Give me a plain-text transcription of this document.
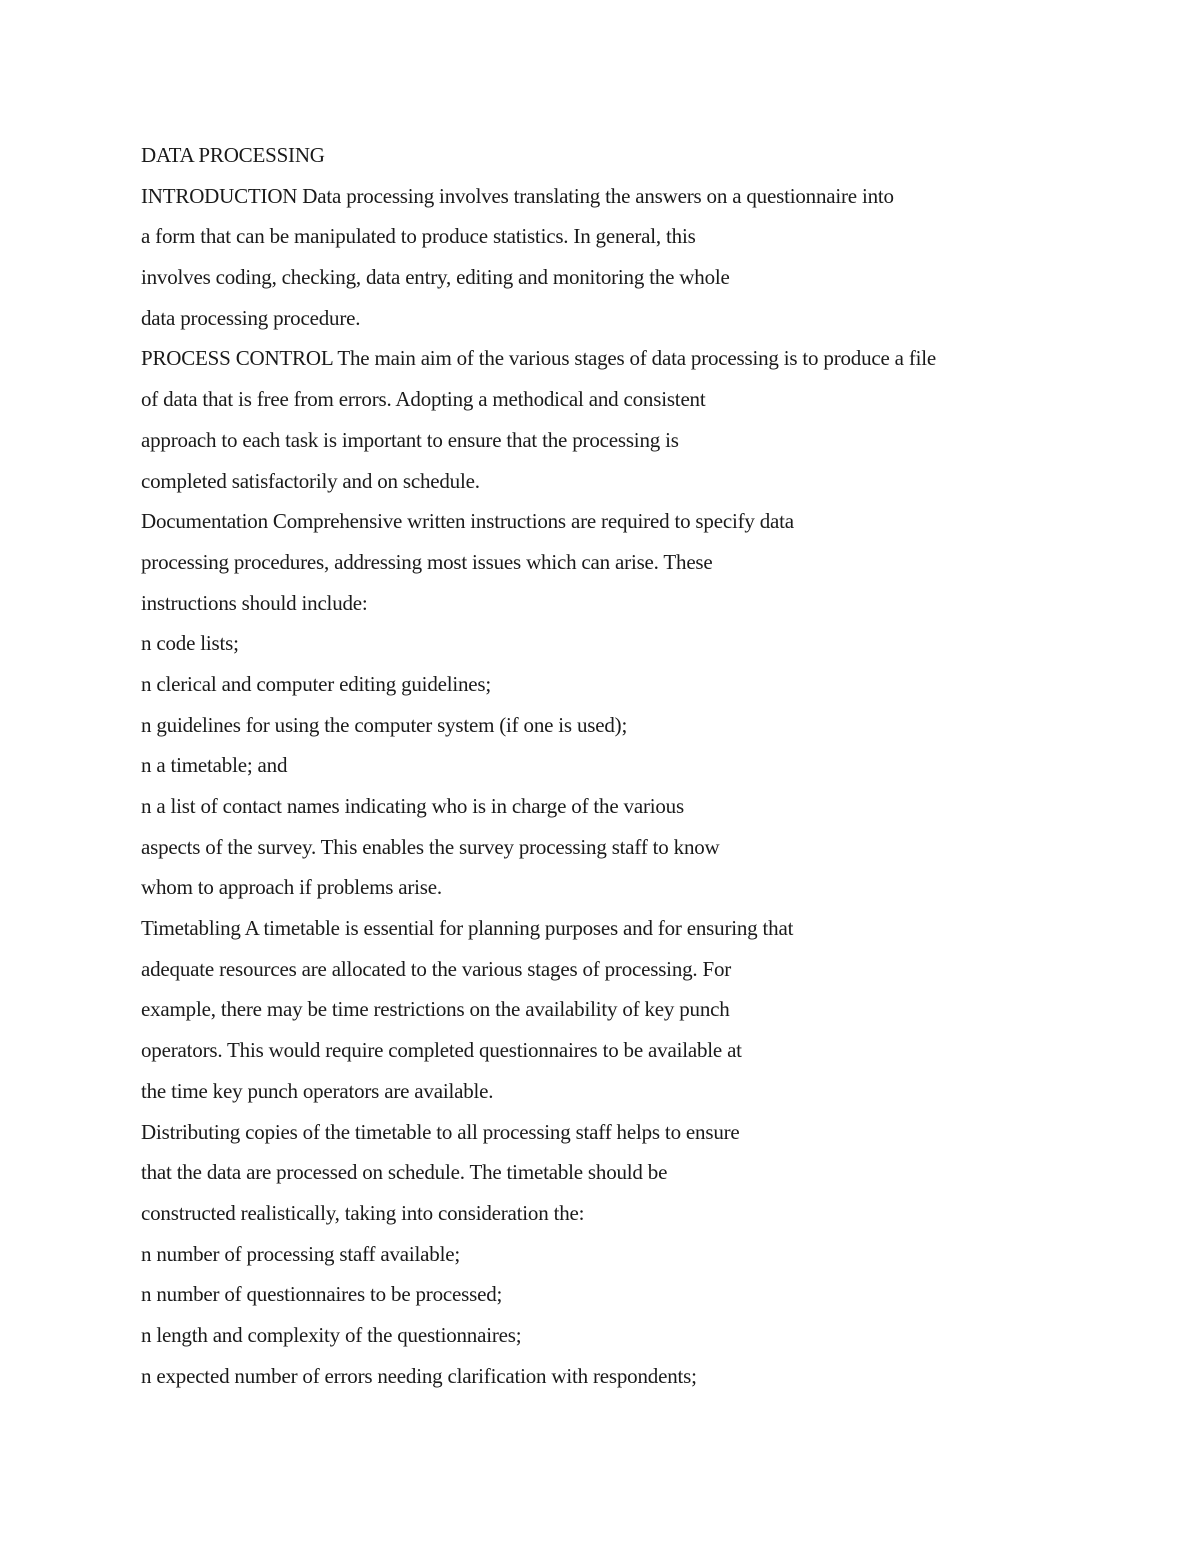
DATA PROCESSING
INTRODUCTION Data processing involves translating the answers on a questionnaire into
a form that can be manipulated to produce statistics. In general, this
involves coding, checking, data entry, editing and monitoring the whole
data processing procedure.
PROCESS CONTROL The main aim of the various stages of data processing is to produce a file
of data that is free from errors. Adopting a methodical and consistent
approach to each task is important to ensure that the processing is
completed satisfactorily and on schedule.
Documentation Comprehensive written instructions are required to specify data
processing procedures, addressing most issues which can arise. These
instructions should include:
n code lists;
n clerical and computer editing guidelines;
n guidelines for using the computer system (if one is used);
n a timetable; and
n a list of contact names indicating who is in charge of the various
aspects of the survey. This enables the survey processing staff to know
whom to approach if problems arise.
Timetabling A timetable is essential for planning purposes and for ensuring that
adequate resources are allocated to the various stages of processing. For
example, there may be time restrictions on the availability of key punch
operators. This would require completed questionnaires to be available at
the time key punch operators are available.
Distributing copies of the timetable to all processing staff helps to ensure
that the data are processed on schedule. The timetable should be
constructed realistically, taking into consideration the:
n number of processing staff available;
n number of questionnaires to be processed;
n length and complexity of the questionnaires;
n expected number of errors needing clarification with respondents;
